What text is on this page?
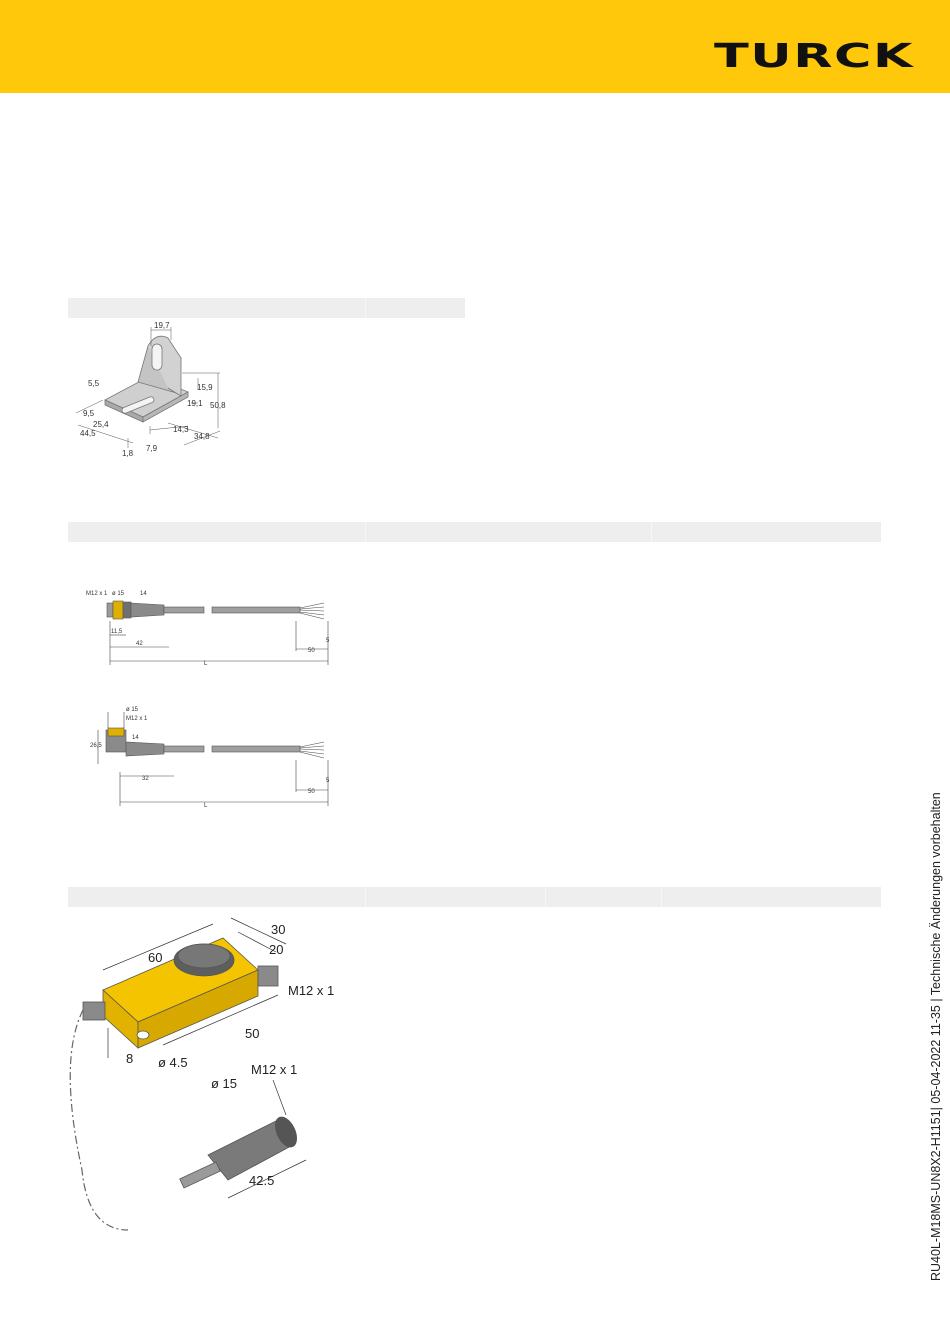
TURCK
19,7
5,5	15,9
50,8
19,1
9,5
25,4
14,3
44,5	34,8
1,8
7,9
M12 x 1 ø 15	14
11,5
42	5
50
L
ø 15
M12 x 1
26,5
14
32	5
50
L
30
20
60
M12 x 1
50
8 ø 4.5
ø 15
M12 x 1
42.5	RU40L-M18MS-UN8X2-H1151| 05-04-2022 11-35 | Technische Änderungen vorbehalten
